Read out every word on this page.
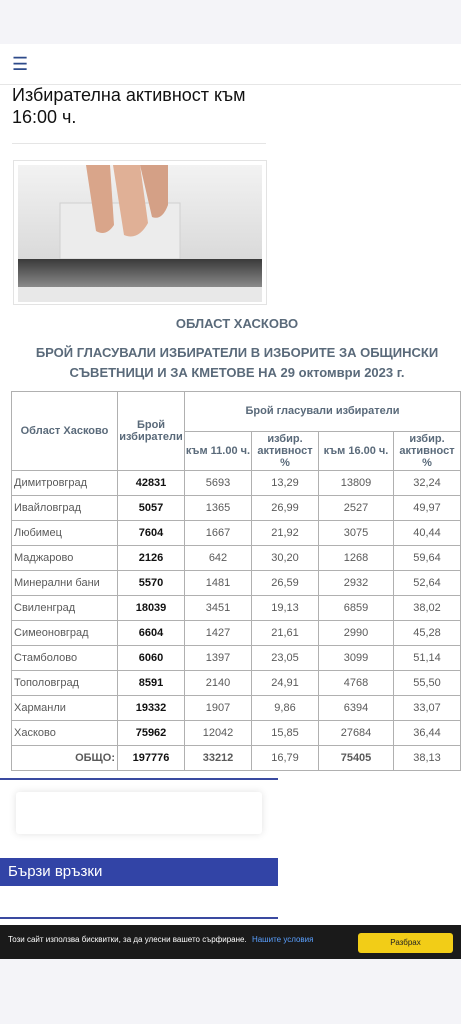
☰
Избирателна активност към 16:00 ч.
ОБЛАСТ ХАСКОВО
БРОЙ ГЛАСУВАЛИ ИЗБИРАТЕЛИ В ИЗБОРИТЕ ЗА ОБЩИНСКИ СЪВЕТНИЦИ И ЗА КМЕТОВЕ НА 29 октомври 2023 г.
Област Хасково	Брой избиратели	Брой гласували избиратели			
		към 11.00 ч.	избир. активност %	към 16.00 ч.	избир. активност %
Димитровград	42831	5693	13,29	13809	32,24
Ивайловград	5057	1365	26,99	2527	49,97
Любимец	7604	1667	21,92	3075	40,44
Маджарово	2126	642	30,20	1268	59,64
Минерални бани	5570	1481	26,59	2932	52,64
Свиленград	18039	3451	19,13	6859	38,02
Симеоновград	6604	1427	21,61	2990	45,28
Стамболово	6060	1397	23,05	3099	51,14
Тополовград	8591	2140	24,91	4768	55,50
Харманли	19332	1907	9,86	6394	33,07
Хасково	75962	12042	15,85	27684	36,44
ОБЩО:	197776	33212	16,79	75405	38,13
Бързи връзки
Този сайт използва бисквитки, за да улесни вашето сърфиране. Нашите условия	Разбрах
